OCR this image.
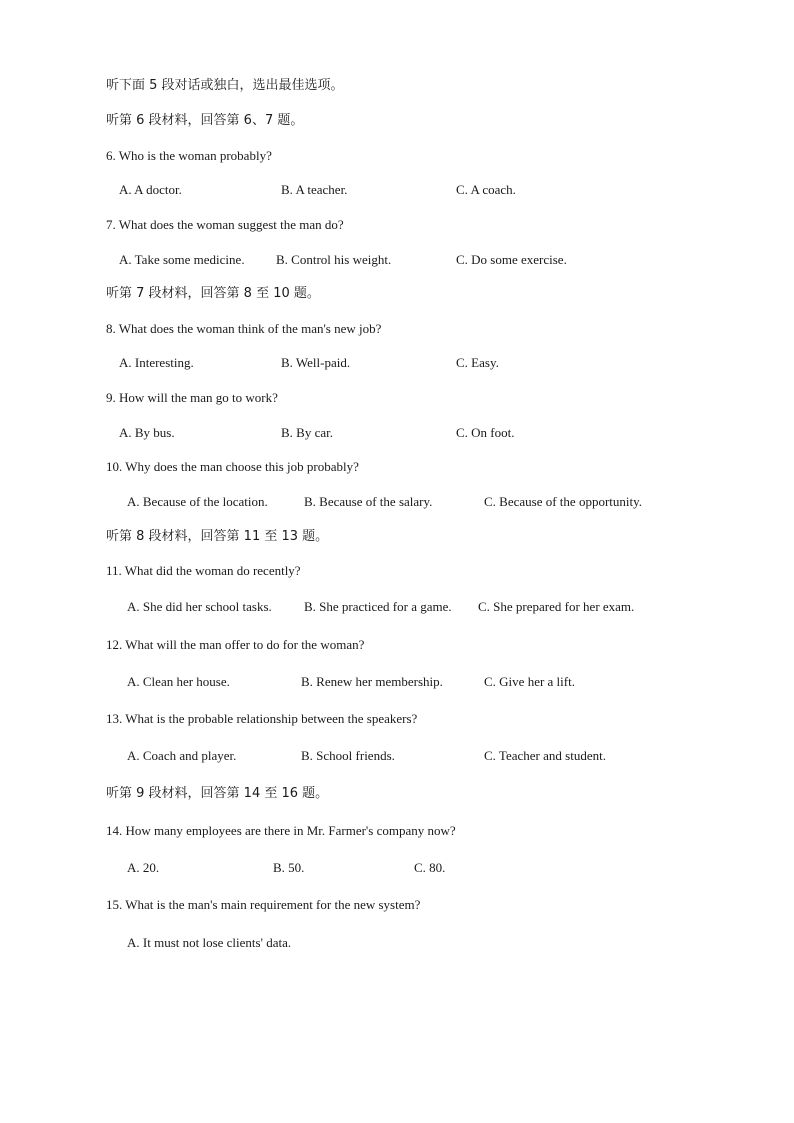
听下面 5 段对话或独白，选出最佳选项。
听第 6 段材料，回答第 6、7 题。
6. Who is the woman probably?
A. A doctor.	B. A teacher.	C. A coach.
7. What does the woman suggest the man do?
A. Take some medicine. B. Control his weight.	C. Do some exercise.
听第 7 段材料，回答第 8 至 10 题。
8. What does the woman think of the man's new job?
A. Interesting.	B. Well-paid.	C. Easy.
9. How will the man go to work?
A. By bus.	B. By car.	C. On foot.
10. Why does the man choose this job probably?
A. Because of the location.	B. Because of the salary.	C. Because of the opportunity.
听第 8 段材料，回答第 11 至 13 题。
11. What did the woman do recently?
A. She did her school tasks. B. She practiced for a game. C. She prepared for her exam.
12. What will the man offer to do for the woman?
A. Clean her house.	B. Renew her membership.	C. Give her a lift.
13. What is the probable relationship between the speakers?
A. Coach and player.	B. School friends.	C. Teacher and student.
听第 9 段材料，回答第 14 至 16 题。
14. How many employees are there in Mr. Farmer's company now?
A. 20.	B. 50.	C. 80.
15. What is the man's main requirement for the new system?
A. It must not lose clients' data.
